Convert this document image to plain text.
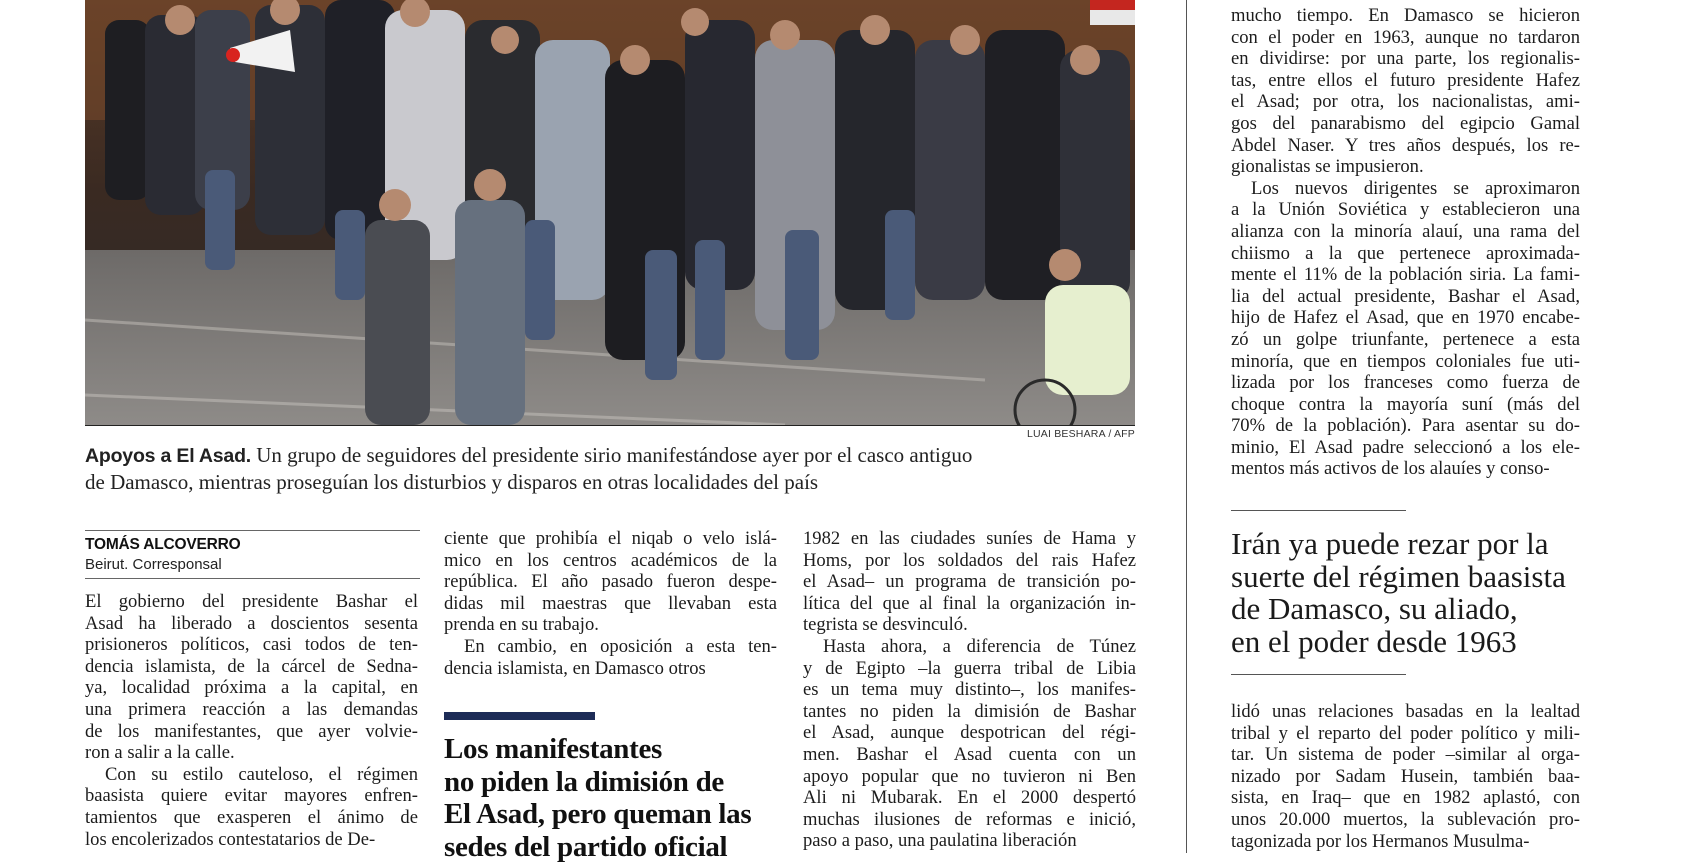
LUAI BESHARA / AFP
Apoyos a El Asad. Un grupo de seguidores del presidente sirio manifestándose ayer por el casco antiguo
de Damasco, mientras proseguían los disturbios y disparos en otras localidades del país
TOMÁS ALCOVERRO
Beirut. Corresponsal
El gobierno del presidente Bashar el
Asad ha liberado a doscientos sesenta
prisioneros políticos, casi todos de ten-
dencia islamista, de la cárcel de Sedna-
ya, localidad próxima a la capital, en
una primera reacción a las demandas
de los manifestantes, que ayer volvie-
ron a salir a la calle.
Con su estilo cauteloso, el régimen
baasista quiere evitar mayores enfren-
tamientos que exasperen el ánimo de
los encolerizados contestatarios de De-
ciente que prohibía el niqab o velo islá-
mico en los centros académicos de la
república. El año pasado fueron despe-
didas mil maestras que llevaban esta
prenda en su trabajo.
En cambio, en oposición a esta ten-
dencia islamista, en Damasco otros
Los manifestantes
no piden la dimisión de
El Asad, pero queman las
sedes del partido oficial
1982 en las ciudades suníes de Hama y
Homs, por los soldados del rais Hafez
el Asad– un programa de transición po-
lítica del que al final la organización in-
tegrista se desvinculó.
Hasta ahora, a diferencia de Túnez
y de Egipto –la guerra tribal de Libia
es un tema muy distinto–, los manifes-
tantes no piden la dimisión de Bashar
el Asad, aunque despotrican del régi-
men. Bashar el Asad cuenta con un
apoyo popular que no tuvieron ni Ben
Ali ni Mubarak. En el 2000 despertó
muchas ilusiones de reformas e inició,
paso a paso, una paulatina liberación
mucho tiempo. En Damasco se hicieron
con el poder en 1963, aunque no tardaron
en dividirse: por una parte, los regionalis-
tas, entre ellos el futuro presidente Hafez
el Asad; por otra, los nacionalistas, ami-
gos del panarabismo del egipcio Gamal
Abdel Naser. Y tres años después, los re-
gionalistas se impusieron.
Los nuevos dirigentes se aproximaron
a la Unión Soviética y establecieron una
alianza con la minoría alauí, una rama del
chiismo a la que pertenece aproximada-
mente el 11% de la población siria. La fami-
lia del actual presidente, Bashar el Asad,
hijo de Hafez el Asad, que en 1970 encabe-
zó un golpe triunfante, pertenece a esta
minoría, que en tiempos coloniales fue uti-
lizada por los franceses como fuerza de
choque contra la mayoría suní (más del
70% de la población). Para asentar su do-
minio, El Asad padre seleccionó a los ele-
mentos más activos de los alauíes y conso-
Irán ya puede rezar por la
suerte del régimen baasista
de Damasco, su aliado,
en el poder desde 1963
lidó unas relaciones basadas en la lealtad
tribal y el reparto del poder político y mili-
tar. Un sistema de poder –similar al orga-
nizado por Sadam Husein, también baa-
sista, en Iraq– que en 1982 aplastó, con
unos 20.000 muertos, la sublevación pro-
tagonizada por los Hermanos Musulma-
